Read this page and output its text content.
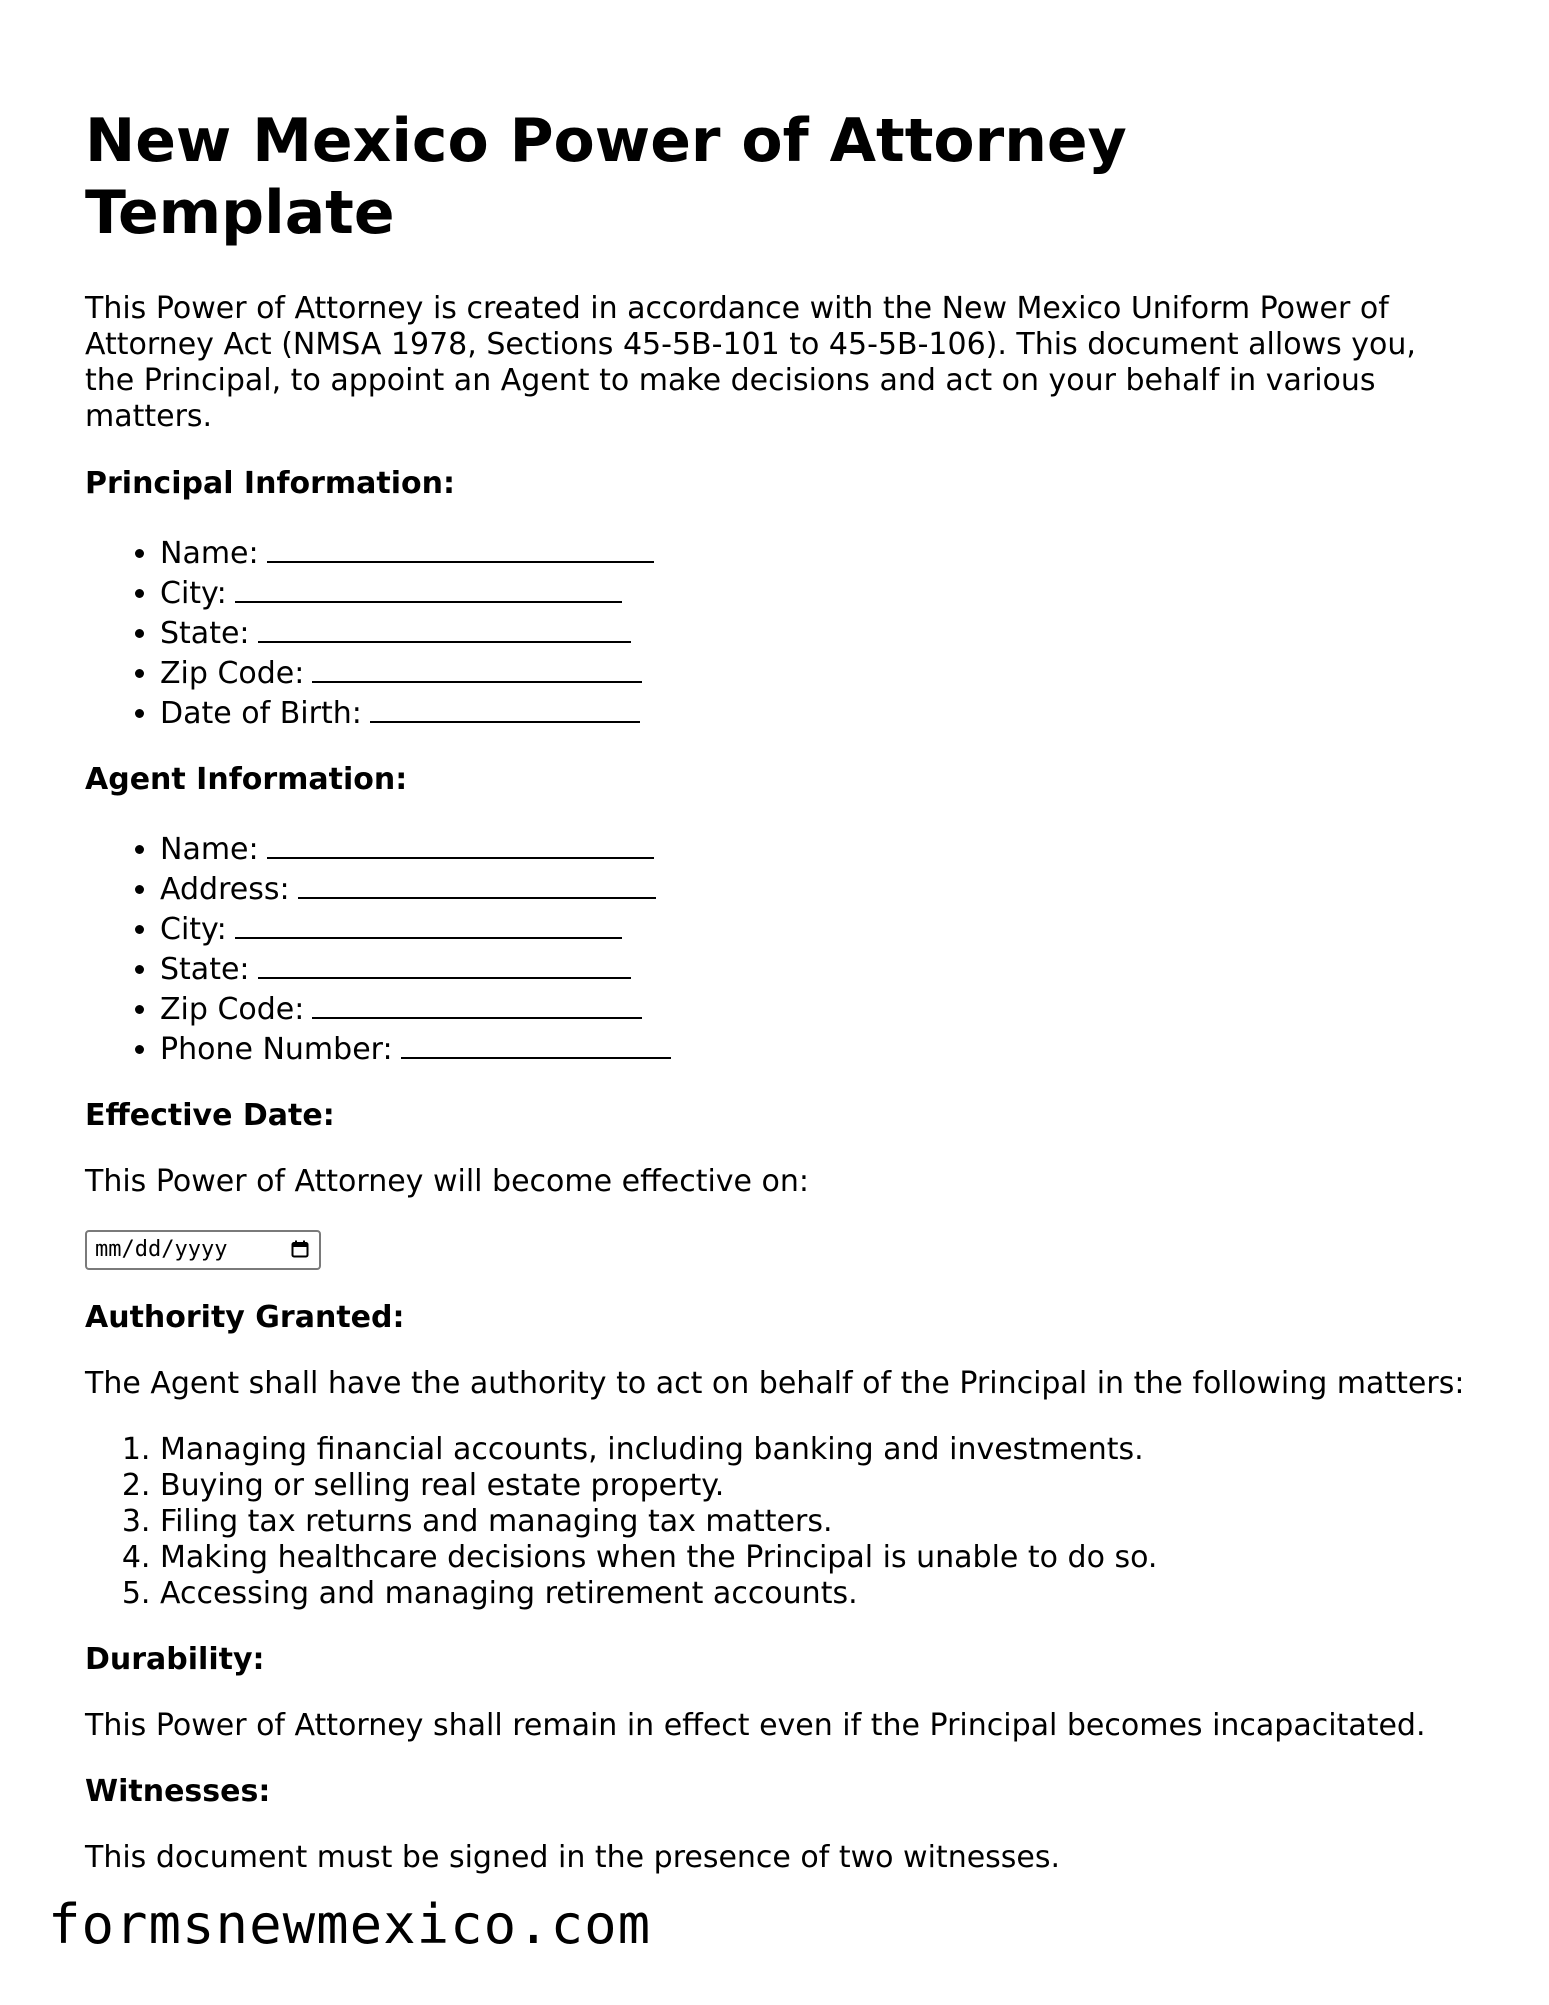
New Mexico Power of Attorney Template

This Power of Attorney is created in accordance with the New Mexico Uniform Power of Attorney Act (NMSA 1978, Sections 45-5B-101 to 45-5B-106). This document allows you, the Principal, to appoint an Agent to make decisions and act on your behalf in various matters.

Principal Information:
• Name:
• City:
• State:
• Zip Code:
• Date of Birth:
Agent Information:
• Name:
• Address:
• City:
• State:
• Zip Code:
• Phone Number:
Effective Date:

This Power of Attorney will become effective on:

mm/dd/yyyy
Authority Granted:

The Agent shall have the authority to act on behalf of the Principal in the following matters:

1. Managing financial accounts, including banking and investments.
2. Buying or selling real estate property.
3. Filing tax returns and managing tax matters.
4. Making healthcare decisions when the Principal is unable to do so.
5. Accessing and managing retirement accounts.
Durability:

This Power of Attorney shall remain in effect even if the Principal becomes incapacitated.

Witnesses:

This document must be signed in the presence of two witnesses.

formsnewmexico.com
